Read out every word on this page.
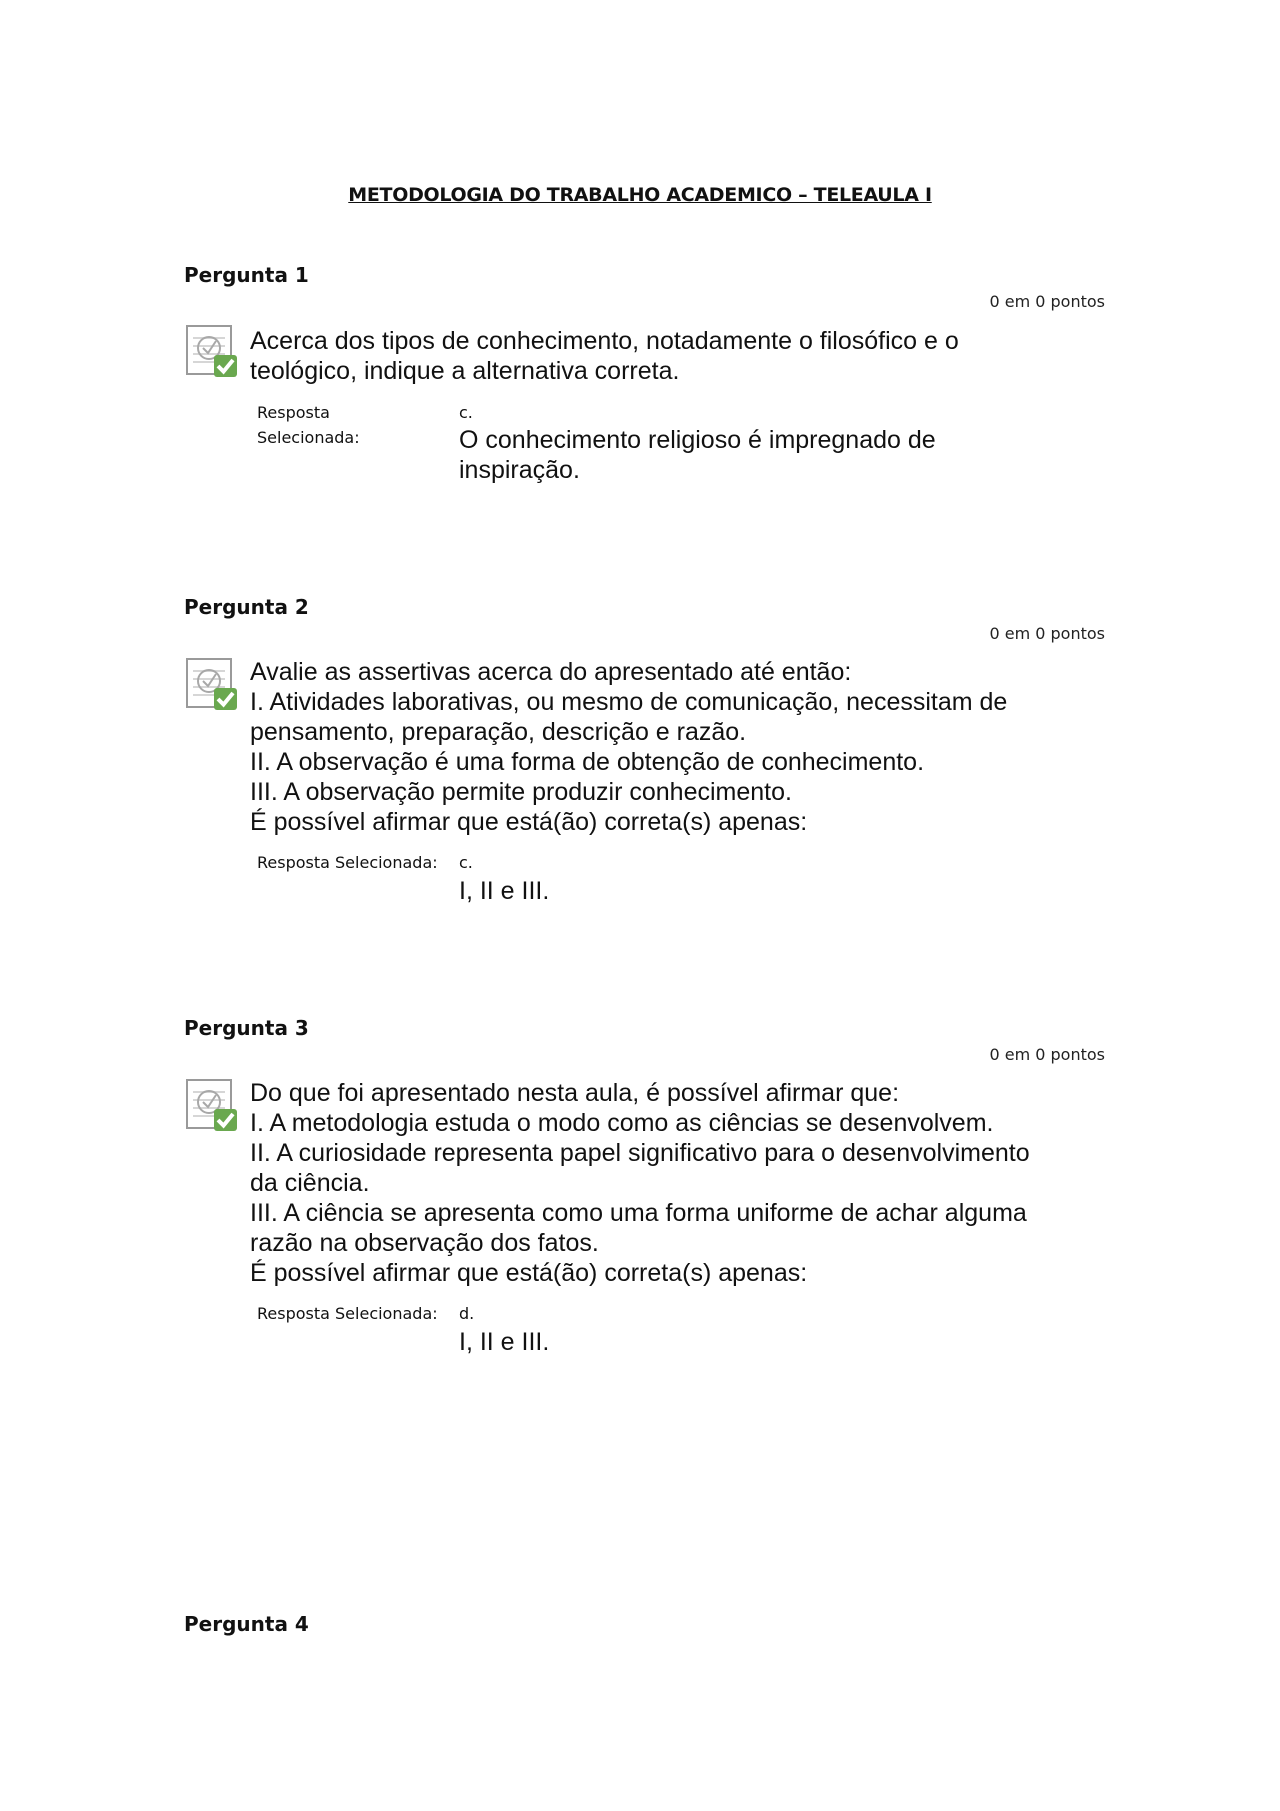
METODOLOGIA DO TRABALHO ACADEMICO – TELEAULA I
Pergunta 1
0 em 0 pontos
Acerca dos tipos de conhecimento, notadamente o filosófico e o
teológico, indique a alternativa correta.
Resposta
Selecionada:
c.
O conhecimento religioso é impregnado de
inspiração.
Pergunta 2
0 em 0 pontos
Avalie as assertivas acerca do apresentado até então:
I. Atividades laborativas, ou mesmo de comunicação, necessitam de
pensamento, preparação, descrição e razão.
II. A observação é uma forma de obtenção de conhecimento.
III. A observação permite produzir conhecimento.
É possível afirmar que está(ão) correta(s) apenas:
Resposta Selecionada: c.
I, II e III.
Pergunta 3
0 em 0 pontos
Do que foi apresentado nesta aula, é possível afirmar que:
I. A metodologia estuda o modo como as ciências se desenvolvem.
II. A curiosidade representa papel significativo para o desenvolvimento
da ciência.
III. A ciência se apresenta como uma forma uniforme de achar alguma
razão na observação dos fatos.
É possível afirmar que está(ão) correta(s) apenas:
Resposta Selecionada: d.
I, II e III.
Pergunta 4
